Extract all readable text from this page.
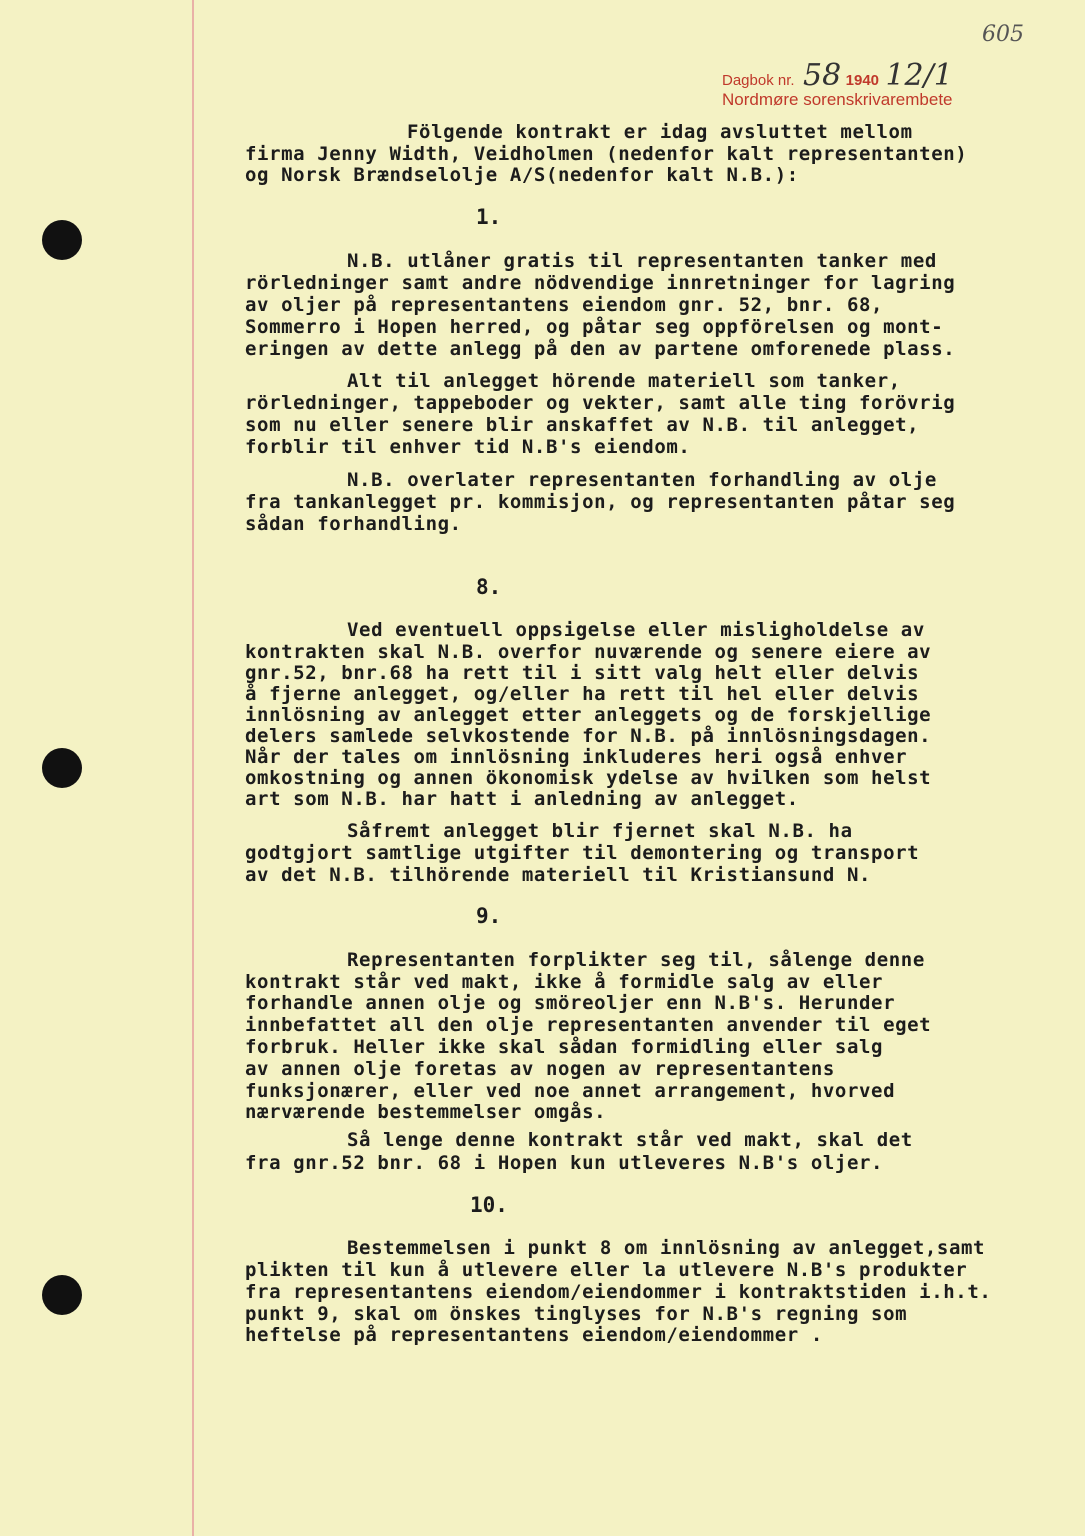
605
Dagbok nr. 58 1940 12/1
Nordmøre sorenskrivarembete
Fölgende kontrakt er idag avsluttet mellom
firma Jenny Width, Veidholmen (nedenfor kalt representanten)
og Norsk Brændselolje A/S(nedenfor kalt N.B.):
1.
N.B. utlåner gratis til representanten tanker med
rörledninger samt andre nödvendige innretninger for lagring
av oljer på representantens eiendom gnr. 52, bnr. 68,
Sommerro i Hopen herred, og påtar seg oppförelsen og mont-
eringen av dette anlegg på den av partene omforenede plass.
Alt til anlegget hörende materiell som tanker,
rörledninger, tappeboder og vekter, samt alle ting forövrig
som nu eller senere blir anskaffet av N.B. til anlegget,
forblir til enhver tid N.B's eiendom.
N.B. overlater representanten forhandling av olje
fra tankanlegget pr. kommisjon, og representanten påtar seg
sådan forhandling.
8.
Ved eventuell oppsigelse eller misligholdelse av
kontrakten skal N.B. overfor nuværende og senere eiere av
gnr.52, bnr.68 ha rett til i sitt valg helt eller delvis
å fjerne anlegget, og/eller ha rett til hel eller delvis
innlösning av anlegget etter anleggets og de forskjellige
delers samlede selvkostende for N.B. på innlösningsdagen.
Når der tales om innlösning inkluderes heri også enhver
omkostning og annen ökonomisk ydelse av hvilken som helst
art som N.B. har hatt i anledning av anlegget.
Såfremt anlegget blir fjernet skal N.B. ha
godtgjort samtlige utgifter til demontering og transport
av det N.B. tilhörende materiell til Kristiansund N.
9.
Representanten forplikter seg til, sålenge denne
kontrakt står ved makt, ikke å formidle salg av eller
forhandle annen olje og smöreoljer enn N.B's. Herunder
innbefattet all den olje representanten anvender til eget
forbruk. Heller ikke skal sådan formidling eller salg
av annen olje foretas av nogen av representantens
funksjonærer, eller ved noe annet arrangement, hvorved
nærværende bestemmelser omgås.
Så lenge denne kontrakt står ved makt, skal det
fra gnr.52 bnr. 68 i Hopen kun utleveres N.B's oljer.
10.
Bestemmelsen i punkt 8 om innlösning av anlegget,samt
plikten til kun å utlevere eller la utlevere N.B's produkter
fra representantens eiendom/eiendommer i kontraktstiden i.h.t.
punkt 9, skal om önskes tinglyses for N.B's regning som
heftelse på representantens eiendom/eiendommer .
